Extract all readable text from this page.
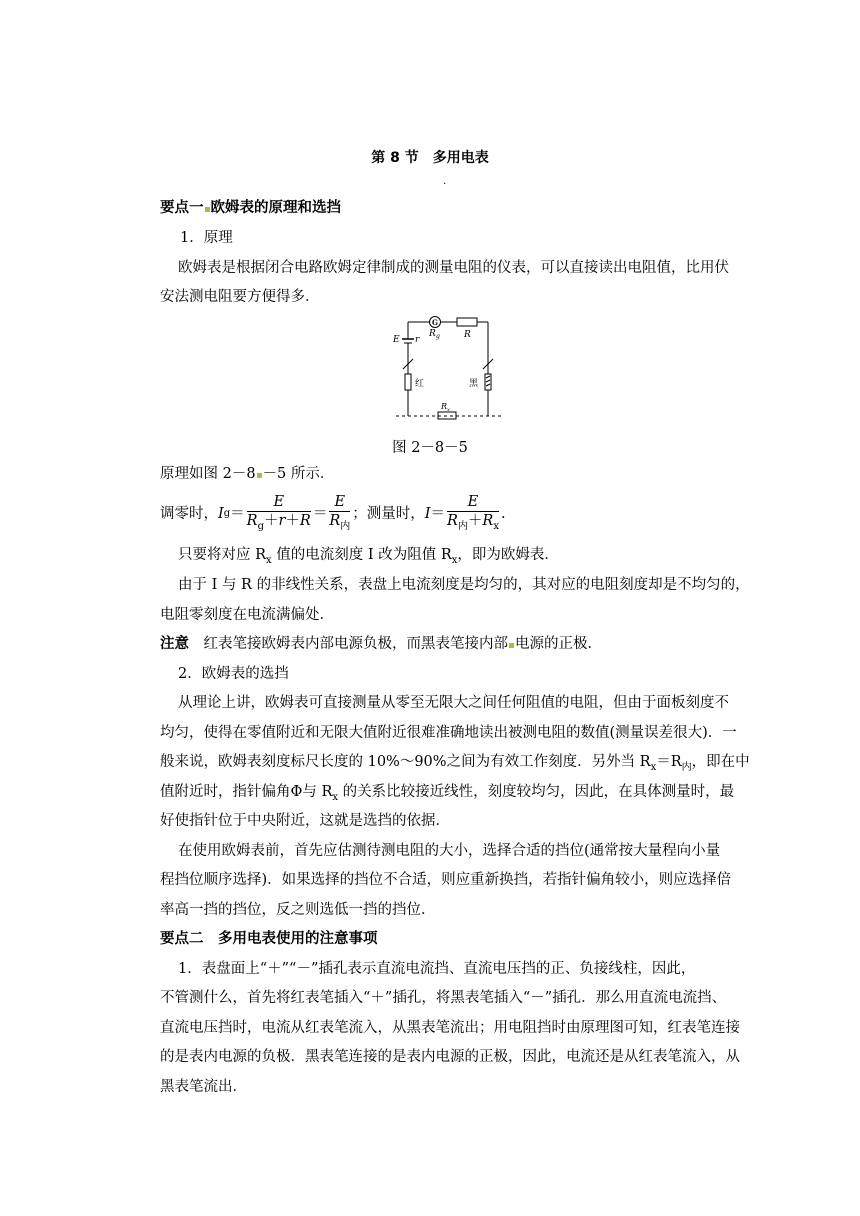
第 8 节　多用电表
.
要点一 欧姆表的原理和选挡
1．原理
欧姆表是根据闭合电路欧姆定律制成的测量电阻的仪表，可以直接读出电阻值，比用伏
安法测电阻要方便得多．
E r
G
R g	R
红	黑
R x
图 2－8－5
原理如图 2－8 －5 所示．
调零时， I $g = \frac{E}{R_g+r+R} = \frac{E}{R_内}$ ；测量时， $I = \frac{E}{R_内+R_x}$ .
只要将对应 $R_x$ 值的电流刻度 I 改为阻值 $R_x$，即为欧姆表．
由于 I 与 R 的非线性关系，表盘上电流刻度是均匀的，其对应的电阻刻度却是不均匀的，
电阻零刻度在电流满偏处．
注意　红表笔接欧姆表内部电源负极，而黑表笔接内部 电源的正极．
2．欧姆表的选挡
从理论上讲，欧姆表可直接测量从零至无限大之间任何阻值的电阻，但由于面板刻度不
均匀，使得在零值附近和无限大值附近很难准确地读出被测电阻的数值(测量误差很大)．一
般来说，欧姆表刻度标尺长度的 10%～90%之间为有效工作刻度．另外当 $R_x=R_内$，即在中
值附近时，指针偏角Φ与 $R_x$ 的关系比较接近线性，刻度较均匀，因此，在具体测量时，最
好使指针位于中央附近，这就是选挡的依据．
在使用欧姆表前，首先应估测待测电阻的大小，选择合适的挡位(通常按大量程向小量
程挡位顺序选择)．如果选择的挡位不合适，则应重新换挡，若指针偏角较小，则应选择倍
率高一挡的挡位，反之则选低一挡的挡位．
要点二　多用电表使用的注意事项
1．表盘面上“＋”“－”插孔表示直流电流挡、直流电压挡的正、负接线柱，因此，
不管测什么，首先将红表笔插入“＋”插孔，将黑表笔插入“－”插孔．那么用直流电流挡、
直流电压挡时，电流从红表笔流入，从黑表笔流出；用电阻挡时由原理图可知，红表笔连接
的是表内电源的负极．黑表笔连接的是表内电源的正极，因此，电流还是从红表笔流入，从
黑表笔流出．
